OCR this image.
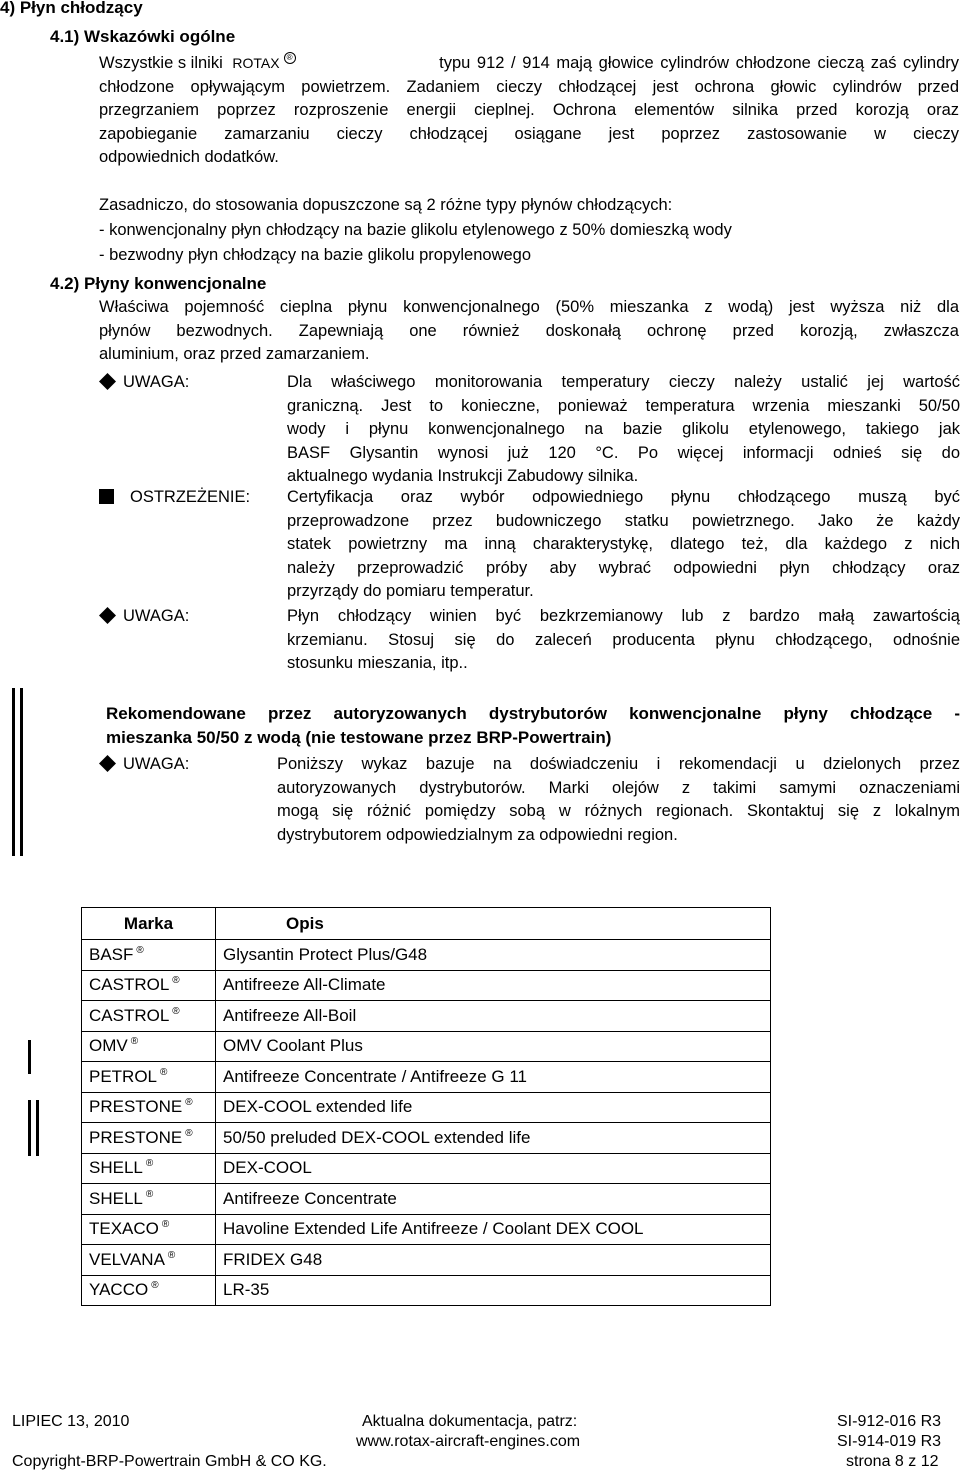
4) Płyn chłodzący
4.1) Wskazówki ogólne
Wszystkie s ilniki ROTAX ®	typu 912 / 914 mają głowice cylindrów chłodzone cieczą zaś cylindry
chłodzone opływającym powietrzem. Zadaniem cieczy chłodzącej jest ochrona głowic cylindrów przed
przegrzaniem poprzez rozproszenie energii cieplnej. Ochrona elementów silnika przed korozją oraz
zapobieganie zamarzaniu cieczy chłodzącej osiągane jest poprzez zastosowanie w cieczy
odpowiednich dodatków.
Zasadniczo, do stosowania dopuszczone są 2 różne typy płynów chłodzących:
- konwencjonalny płyn chłodzący na bazie glikolu etylenowego z 50% domieszką wody
- bezwodny płyn chłodzący na bazie glikolu propylenowego
4.2) Płyny konwencjonalne
Właściwa pojemność cieplna płynu konwencjonalnego (50% mieszanka z wodą) jest wyższa niż dla
płynów bezwodnych. Zapewniają one również doskonałą ochronę przed korozją, zwłaszcza
aluminium, oraz przed zamarzaniem.
UWAGA:	Dla właściwego monitorowania temperatury cieczy należy ustalić jej wartość
graniczną. Jest to konieczne, ponieważ temperatura wrzenia mieszanki 50/50
wody i płynu konwencjonalnego na bazie glikolu etylenowego, takiego jak
BASF Glysantin wynosi już 120 °C. Po więcej informacji odnieś się do
aktualnego wydania Instrukcji Zabudowy silnika.
OSTRZEŻENIE: Certyfikacja oraz wybór odpowiedniego płynu chłodzącego muszą być
przeprowadzone przez budowniczego statku powietrznego. Jako że każdy
statek powietrzny ma inną charakterystykę, dlatego też, dla każdego z nich
należy przeprowadzić próby aby wybrać odpowiedni płyn chłodzący oraz
przyrządy do pomiaru temperatur.
UWAGA:	Płyn chłodzący winien być bezkrzemianowy lub z bardzo małą zawartością
krzemianu. Stosuj się do zaleceń producenta płynu chłodzącego, odnośnie
stosunku mieszania, itp..
Rekomendowane przez autoryzowanych dystrybutorów konwencjonalne płyny chłodzące -
mieszanka 50/50 z wodą (nie testowane przez BRP-Powertrain)
UWAGA:	Poniższy wykaz bazuje na doświadczeniu i rekomendacji u dzielonych przez
autoryzowanych dystrybutorów. Marki olejów z takimi samymi oznaczeniami
mogą się różnić pomiędzy sobą w różnych regionach. Skontaktuj się z lokalnym
dystrybutorem odpowiedzialnym za odpowiedni region.
Marka	Opis
BASF ®	Glysantin Protect Plus/G48
CASTROL ®	Antifreeze All-Climate
CASTROL ®	Antifreeze All-Boil
OMV ®	OMV Coolant Plus
PETROL ®	Antifreeze Concentrate / Antifreeze G 11
PRESTONE ®	DEX-COOL extended life
PRESTONE ®	50/50 preluded DEX-COOL extended life
SHELL ®	DEX-COOL
SHELL ®	Antifreeze Concentrate
TEXACO ®	Havoline Extended Life Antifreeze / Coolant DEX COOL
VELVANA ®	FRIDEX G48
YACCO ®	LR-35
LIPIEC 13, 2010	Aktualna dokumentacja, patrz:
www.rotax-aircraft-engines.com
SI-912-016 R3
SI-914-019 R3
Copyright-BRP-Powertrain GmbH & CO KG.	strona 8 z 12
